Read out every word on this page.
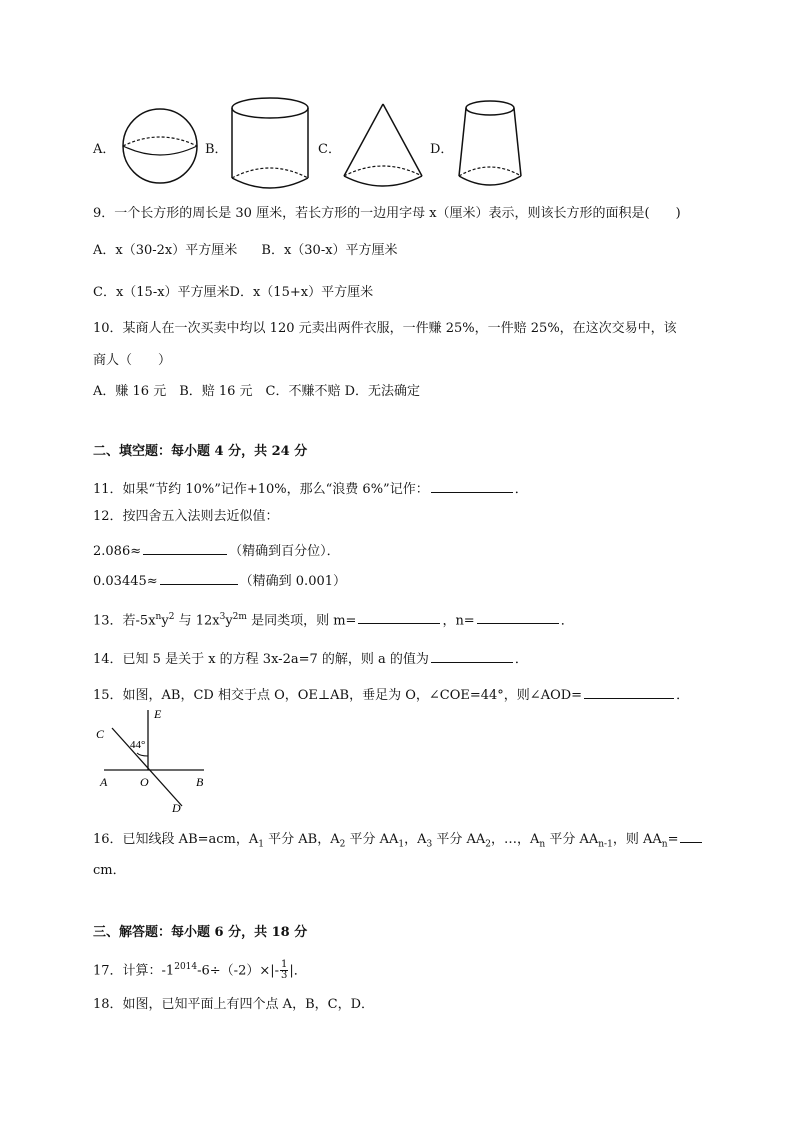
A．	B．	C．	D．
9．一个长方形的周长是 30 厘米，若长方形的一边用字母 x（厘米）表示，则该长方形的面积是(　　)
A．x（30-2x）平方厘米 B．x（30-x）平方厘米
C．x（15-x）平方厘米D．x（15+x）平方厘米
10．某商人在一次买卖中均以 120 元卖出两件衣服，一件赚 25%，一件赔 25%，在这次交易中，该
商人（　　）
A．赚 16 元　B．赔 16 元　C．不赚不赔 D．无法确定
二、填空题：每小题 4 分，共 24 分
11．如果“节约 10%”记作+10%，那么“浪费 6%”记作：	．
12．按四舍五入法则去近似值：
2.086≈	（精确到百分位）．
0.03445≈	（精确到 0.001）
13．若$-5x^ny^2$ 与 $12x^3y^{2m}$ 是同类项，则 m=	，n=	．
14．已知 5 是关于 x 的方程 3x-2a=7 的解，则 a 的值为	．
15．如图，AB，CD 相交于点 O，OE⊥AB，垂足为 O，∠COE=44°，则∠AOD=	．
E
C
44°
A	O	B
D
16．已知线段 AB=acm，$A_1$ 平分 AB，$A_2$ 平分 $AA_1$，$A_3$ 平分 $AA_2$，…，$A_n$ 平分 $AA_{n-1}$，则 $AA_n=$
cm．
三、解答题：每小题 6 分，共 18 分
17．计算：$-1^{2014}-6\div(-2)\times|- \frac{1}{3}$ |．
18．如图，已知平面上有四个点 A，B，C，D．
